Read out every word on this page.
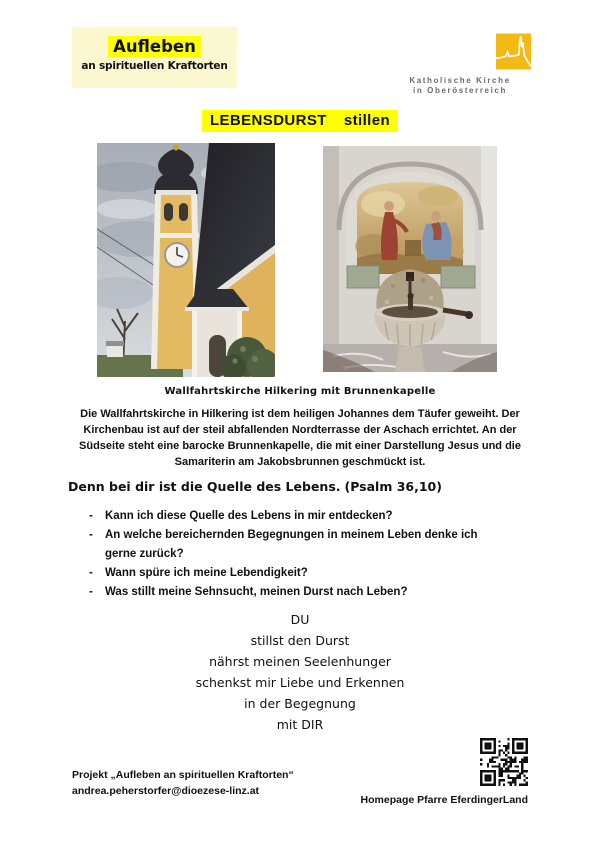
Aufleben
an spirituellen Kraftorten
Katholische Kirche
in Oberösterreich
LEBENSDURST stillen
Wallfahrtskirche Hilkering mit Brunnenkapelle
Die Wallfahrtskirche in Hilkering ist dem heiligen Johannes dem Täufer geweiht. Der Kirchenbau ist auf der steil abfallenden Nordterrasse der Aschach errichtet. An der Südseite steht eine barocke Brunnenkapelle, die mit einer Darstellung Jesus und die Samariterin am Jakobsbrunnen geschmückt ist.
Denn bei dir ist die Quelle des Lebens. (Psalm 36,10)
- Kann ich diese Quelle des Lebens in mir entdecken?
- An welche bereichernden Begegnungen in meinem Leben denke ich gerne zurück?
- Wann spüre ich meine Lebendigkeit?
- Was stillt meine Sehnsucht, meinen Durst nach Leben?
DU
stillst den Durst
nährst meinen Seelenhunger
schenkst mir Liebe und Erkennen
in der Begegnung
mit DIR
Projekt „Aufleben an spirituellen Kraftorten“
andrea.peherstorfer@dioezese-linz.at
Homepage Pfarre EferdingerLand
